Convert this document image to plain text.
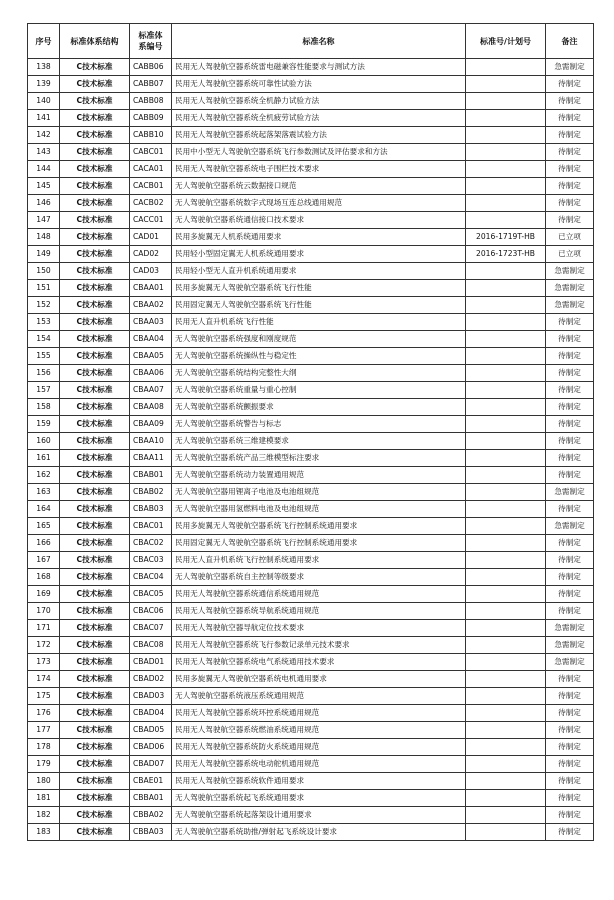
序号	标准体系结构	标准体系编号	标准名称	标准号/计划号	备注
138	C技术标准	CABB06	民用无人驾驶航空器系统雷电磁兼容性能要求与测试方法		急需制定
139	C技术标准	CABB07	民用无人驾驶航空器系统可靠性试验方法		待制定
140	C技术标准	CABB08	民用无人驾驶航空器系统全机静力试验方法		待制定
141	C技术标准	CABB09	民用无人驾驶航空器系统全机疲劳试验方法		待制定
142	C技术标准	CABB10	民用无人驾驶航空器系统起落架落震试验方法		待制定
143	C技术标准	CABC01	民用中小型无人驾驶航空器系统飞行参数测试及评估要求和方法		待制定
144	C技术标准	CACA01	民用无人驾驶航空器系统电子围栏技术要求		待制定
145	C技术标准	CACB01	无人驾驶航空器系统云数据接口规范		待制定
146	C技术标准	CACB02	无人驾驶航空器系统数字式现场互连总线通用规范		待制定
147	C技术标准	CACC01	无人驾驶航空器系统通信接口技术要求		待制定
148	C技术标准	CAD01	民用多旋翼无人机系统通用要求	2016-1719T-HB	已立项
149	C技术标准	CAD02	民用轻小型固定翼无人机系统通用要求	2016-1723T-HB	已立项
150	C技术标准	CAD03	民用轻小型无人直升机系统通用要求		急需制定
151	C技术标准	CBAA01	民用多旋翼无人驾驶航空器系统飞行性能		急需制定
152	C技术标准	CBAA02	民用固定翼无人驾驶航空器系统飞行性能		急需制定
153	C技术标准	CBAA03	民用无人直升机系统飞行性能		待制定
154	C技术标准	CBAA04	无人驾驶航空器系统强度和刚度规范		待制定
155	C技术标准	CBAA05	无人驾驶航空器系统操纵性与稳定性		待制定
156	C技术标准	CBAA06	无人驾驶航空器系统结构完整性大纲		待制定
157	C技术标准	CBAA07	无人驾驶航空器系统重量与重心控制		待制定
158	C技术标准	CBAA08	无人驾驶航空器系统颤振要求		待制定
159	C技术标准	CBAA09	无人驾驶航空器系统警告与标志		待制定
160	C技术标准	CBAA10	无人驾驶航空器系统三维建模要求		待制定
161	C技术标准	CBAA11	无人驾驶航空器系统产品三维模型标注要求		待制定
162	C技术标准	CBAB01	无人驾驶航空器系统动力装置通用规范		待制定
163	C技术标准	CBAB02	无人驾驶航空器用锂离子电池及电池组规范		急需制定
164	C技术标准	CBAB03	无人驾驶航空器用氢燃料电池及电池组规范		待制定
165	C技术标准	CBAC01	民用多旋翼无人驾驶航空器系统飞行控制系统通用要求		急需制定
166	C技术标准	CBAC02	民用固定翼无人驾驶航空器系统飞行控制系统通用要求		待制定
167	C技术标准	CBAC03	民用无人直升机系统飞行控制系统通用要求		待制定
168	C技术标准	CBAC04	无人驾驶航空器系统自主控制等级要求		待制定
169	C技术标准	CBAC05	民用无人驾驶航空器系统通信系统通用规范		待制定
170	C技术标准	CBAC06	民用无人驾驶航空器系统导航系统通用规范		待制定
171	C技术标准	CBAC07	民用无人驾驶航空器导航定位技术要求		急需制定
172	C技术标准	CBAC08	民用无人驾驶航空器系统飞行参数记录单元技术要求		急需制定
173	C技术标准	CBAD01	民用无人驾驶航空器系统电气系统通用技术要求		急需制定
174	C技术标准	CBAD02	民用多旋翼无人驾驶航空器系统电机通用要求		待制定
175	C技术标准	CBAD03	无人驾驶航空器系统液压系统通用规范		待制定
176	C技术标准	CBAD04	民用无人驾驶航空器系统环控系统通用规范		待制定
177	C技术标准	CBAD05	民用无人驾驶航空器系统燃油系统通用规范		待制定
178	C技术标准	CBAD06	民用无人驾驶航空器系统防火系统通用规范		待制定
179	C技术标准	CBAD07	民用无人驾驶航空器系统电动舵机通用规范		待制定
180	C技术标准	CBAE01	民用无人驾驶航空器系统软件通用要求		待制定
181	C技术标准	CBBA01	无人驾驶航空器系统起飞系统通用要求		待制定
182	C技术标准	CBBA02	无人驾驶航空器系统起落架设计通用要求		待制定
183	C技术标准	CBBA03	无人驾驶航空器系统助推/弹射起飞系统设计要求		待制定
